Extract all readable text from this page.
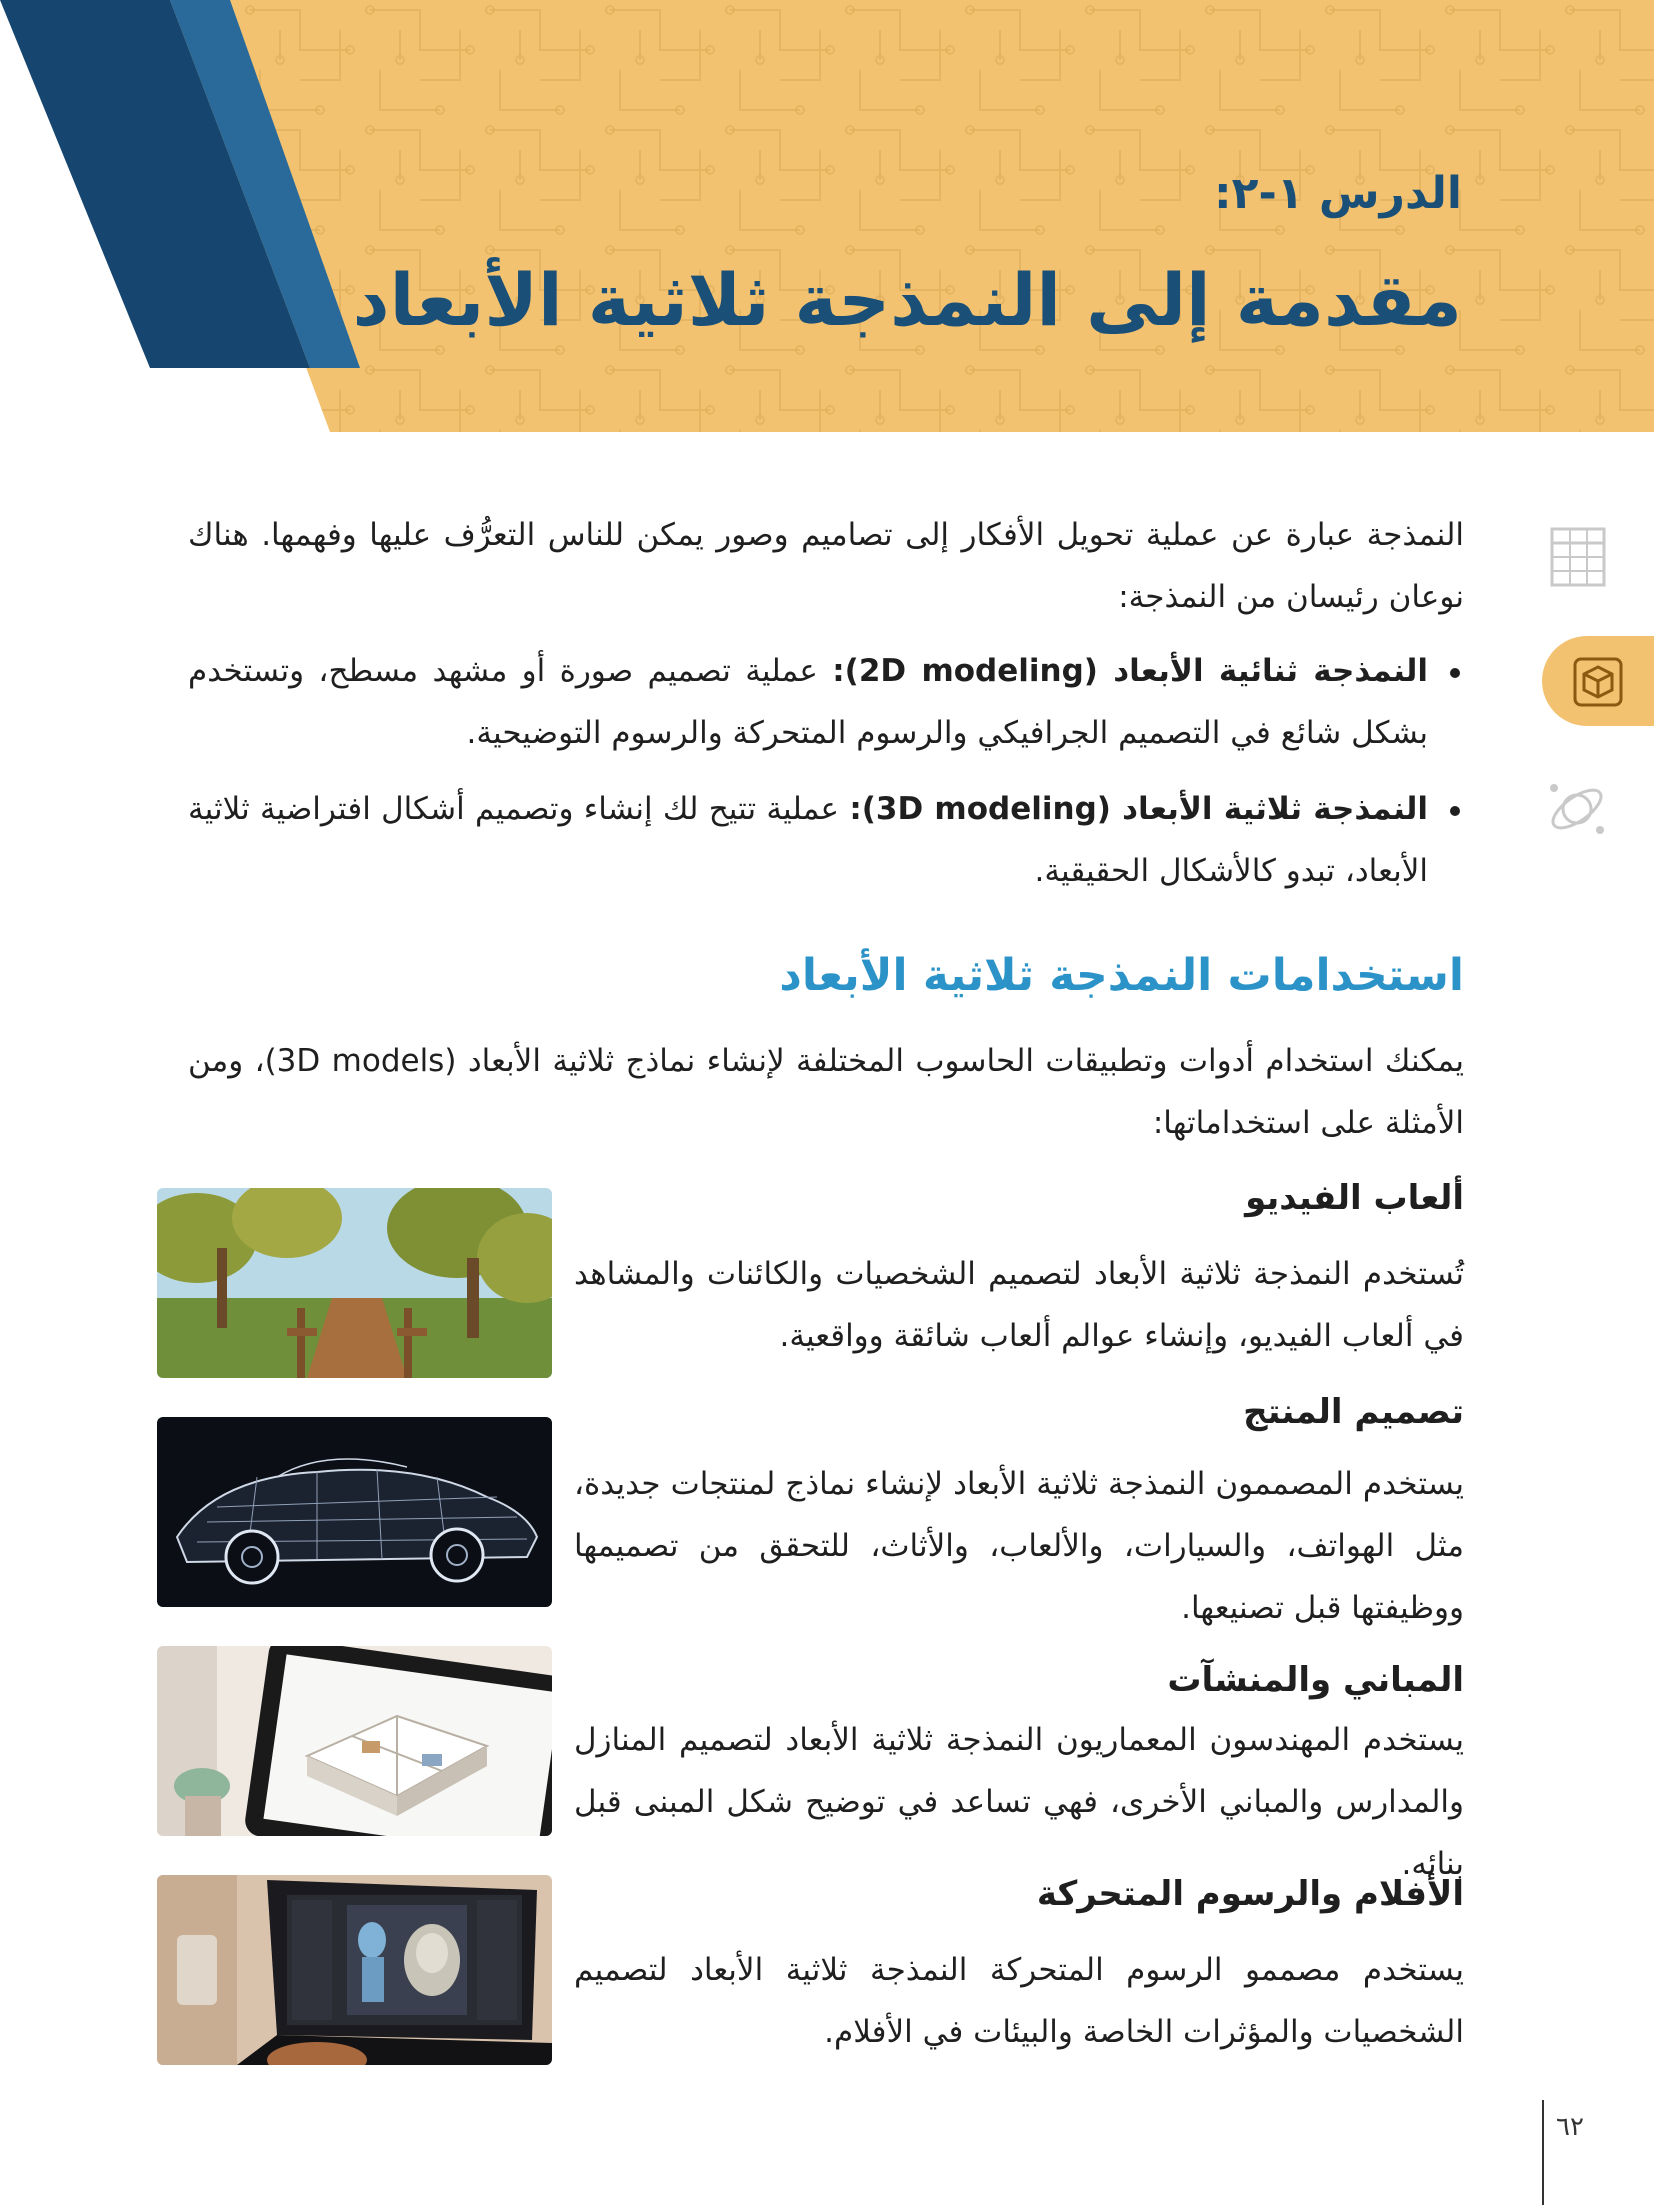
الدرس ١-٢:
مقدمة إلى النمذجة ثلاثية الأبعاد
النمذجة عبارة عن عملية تحويل الأفكار إلى تصاميم وصور يمكن للناس التعرُّف عليها وفهمها. هناك نوعان رئيسان من النمذجة:
النمذجة ثنائية الأبعاد (2D modeling): عملية تصميم صورة أو مشهد مسطح، وتستخدم بشكل شائع في التصميم الجرافيكي والرسوم المتحركة والرسوم التوضيحية.
النمذجة ثلاثية الأبعاد (3D modeling): عملية تتيح لك إنشاء وتصميم أشكال افتراضية ثلاثية الأبعاد، تبدو كالأشكال الحقيقية.
استخدامات النمذجة ثلاثية الأبعاد
يمكنك استخدام أدوات وتطبيقات الحاسوب المختلفة لإنشاء نماذج ثلاثية الأبعاد (3D models)، ومن الأمثلة على استخداماتها:
ألعاب الفيديو
تُستخدم النمذجة ثلاثية الأبعاد لتصميم الشخصيات والكائنات والمشاهد في ألعاب الفيديو، وإنشاء عوالم ألعاب شائقة وواقعية.
تصميم المنتج
يستخدم المصممون النمذجة ثلاثية الأبعاد لإنشاء نماذج لمنتجات جديدة، مثل الهواتف، والسيارات، والألعاب، والأثاث، للتحقق من تصميمها ووظيفتها قبل تصنيعها.
المباني والمنشآت
يستخدم المهندسون المعماريون النمذجة ثلاثية الأبعاد لتصميم المنازل والمدارس والمباني الأخرى، فهي تساعد في توضيح شكل المبنى قبل بنائه.
الأفلام والرسوم المتحركة
يستخدم مصممو الرسوم المتحركة النمذجة ثلاثية الأبعاد لتصميم الشخصيات والمؤثرات الخاصة والبيئات في الأفلام.
٦٢
